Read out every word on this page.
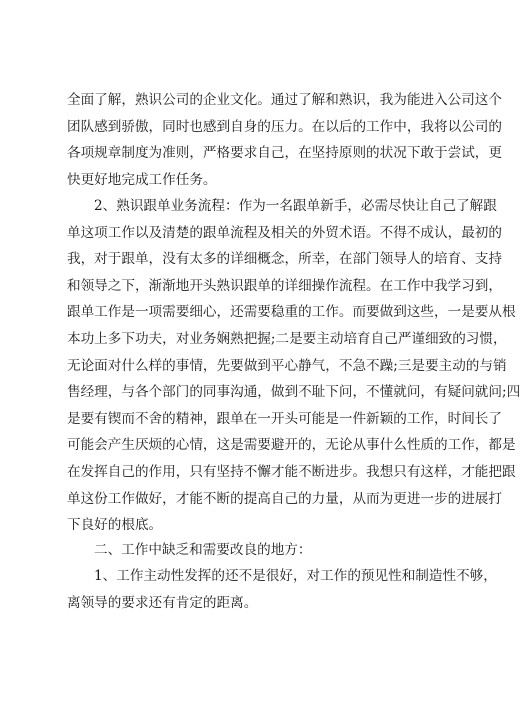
全面了解，熟识公司的企业文化。通过了解和熟识，我为能进入公司这个
团队感到骄傲，同时也感到自身的压力。在以后的工作中，我将以公司的
各项规章制度为准则，严格要求自己，在坚持原则的状况下敢于尝试，更
快更好地完成工作任务。
2、熟识跟单业务流程：作为一名跟单新手，必需尽快让自己了解跟
单这项工作以及清楚的跟单流程及相关的外贸术语。不得不成认，最初的
我，对于跟单，没有太多的详细概念，所幸，在部门领导人的培育、支持
和领导之下，渐渐地开头熟识跟单的详细操作流程。在工作中我学习到，
跟单工作是一项需要细心，还需要稳重的工作。而要做到这些，一是要从根
本功上多下功夫，对业务娴熟把握;二是要主动培育自己严谨细致的习惯，
无论面对什么样的事情，先要做到平心静气，不急不躁;三是要主动的与销
售经理，与各个部门的同事沟通，做到不耻下问，不懂就问，有疑问就问;四
是要有锲而不舍的精神，跟单在一开头可能是一件新颖的工作，时间长了
可能会产生厌烦的心情，这是需要避开的，无论从事什么性质的工作，都是
在发挥自己的作用，只有坚持不懈才能不断进步。我想只有这样，才能把跟
单这份工作做好，才能不断的提高自己的力量，从而为更进一步的进展打
下良好的根底。
二、工作中缺乏和需要改良的地方：
1、工作主动性发挥的还不是很好，对工作的预见性和制造性不够，
离领导的要求还有肯定的距离。
